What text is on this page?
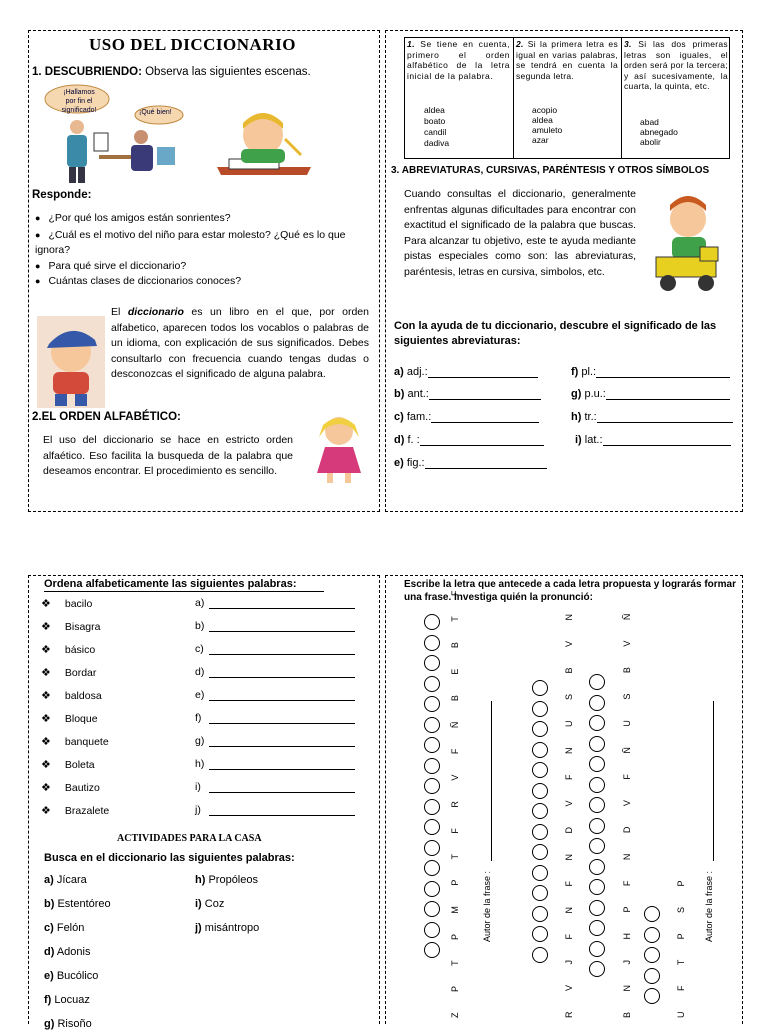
USO DEL DICCIONARIO
1. DESCUBRIENDO: Observa las siguientes escenas.
¡Hallamos por fin el significado!	¡Qué bien!
Responde:
● ¿Por qué los amigos están sonrientes?
● ¿Cuál es el motivo del niño para estar molesto? ¿Qué es lo que ignora?
● Para qué sirve el diccionario?
● Cuántas clases de diccionarios conoces?
El diccionario es un libro en el que, por orden alfabetico, aparecen todos los vocablos o palabras de un idioma, con explicación de sus significados. Debes consultarlo con frecuencia cuando tengas dudas o desconozcas el significado de alguna palabra.
2.EL ORDEN ALFABÉTICO:
El uso del diccionario se hace en estricto orden alfaético. Eso facilita la busqueda de la palabra que deseamos encontrar. El procedimiento es sencillo.
1. Se tiene en cuenta, primero el orden alfabético de la letra inicial de la palabra.
aldea
boato
candil
dadiva
2. Si la primera letra es igual en varias palabras, se tendrá en cuenta la segunda letra.
acopio
aldea
amuleto
azar
3. Si las dos primeras letras son iguales, el orden será por la tercera; y así sucesivamente, la cuarta, la quinta, etc.
abad
abnegado
abolir
3. ABREVIATURAS, CURSIVAS, PARÉNTESIS Y OTROS SÍMBOLOS
Cuando consultas el diccionario, generalmente enfrentas algunas dificultades para encontrar con exactitud el significado de la palabra que buscas. Para alcanzar tu objetivo, este te ayuda mediante pistas especiales como son: las abreviaturas, paréntesis, letras en cursiva, simbolos, etc.
Con la ayuda de tu diccionario, descubre el significado de las siguientes abreviaturas:
a) adj.:
b) ant.:
c) fam.:
d) f. :
e) fig.:
f) pl.:
g) p.u.:
h) tr.:
i) lat.:
Ordena alfabeticamente las siguientes palabras:
❖ bacilo	a)
❖ Bisagra	b)
❖ básico	c)
❖ Bordar	d)
❖ baldosa	e)
❖ Bloque	f)
❖ banquete	g)
❖ Boleta	h)
❖ Bautizo	i)
❖ Brazalete	j)
ACTIVIDADES PARA LA CASA
Busca en el diccionario las siguientes palabras:
a) Jícara
b) Estentóreo
c) Felón
d) Adonis
e) Bucólico
f) Locuaz
g) Risoño
h) Propóleos
i) Coz
j) misántropo
Escribe la letra que antecede a cada letra propuesta y lograrás formar una frase. Investiga quién la pronunció:
Z P T P M P T F R V F Ñ B E B T F	R V J F N F N D V F N U S B V N	B N J H P F N D V F Ñ U S B V Ñ	U F T P S P
Autor de la frase :	Autor de la frase :
